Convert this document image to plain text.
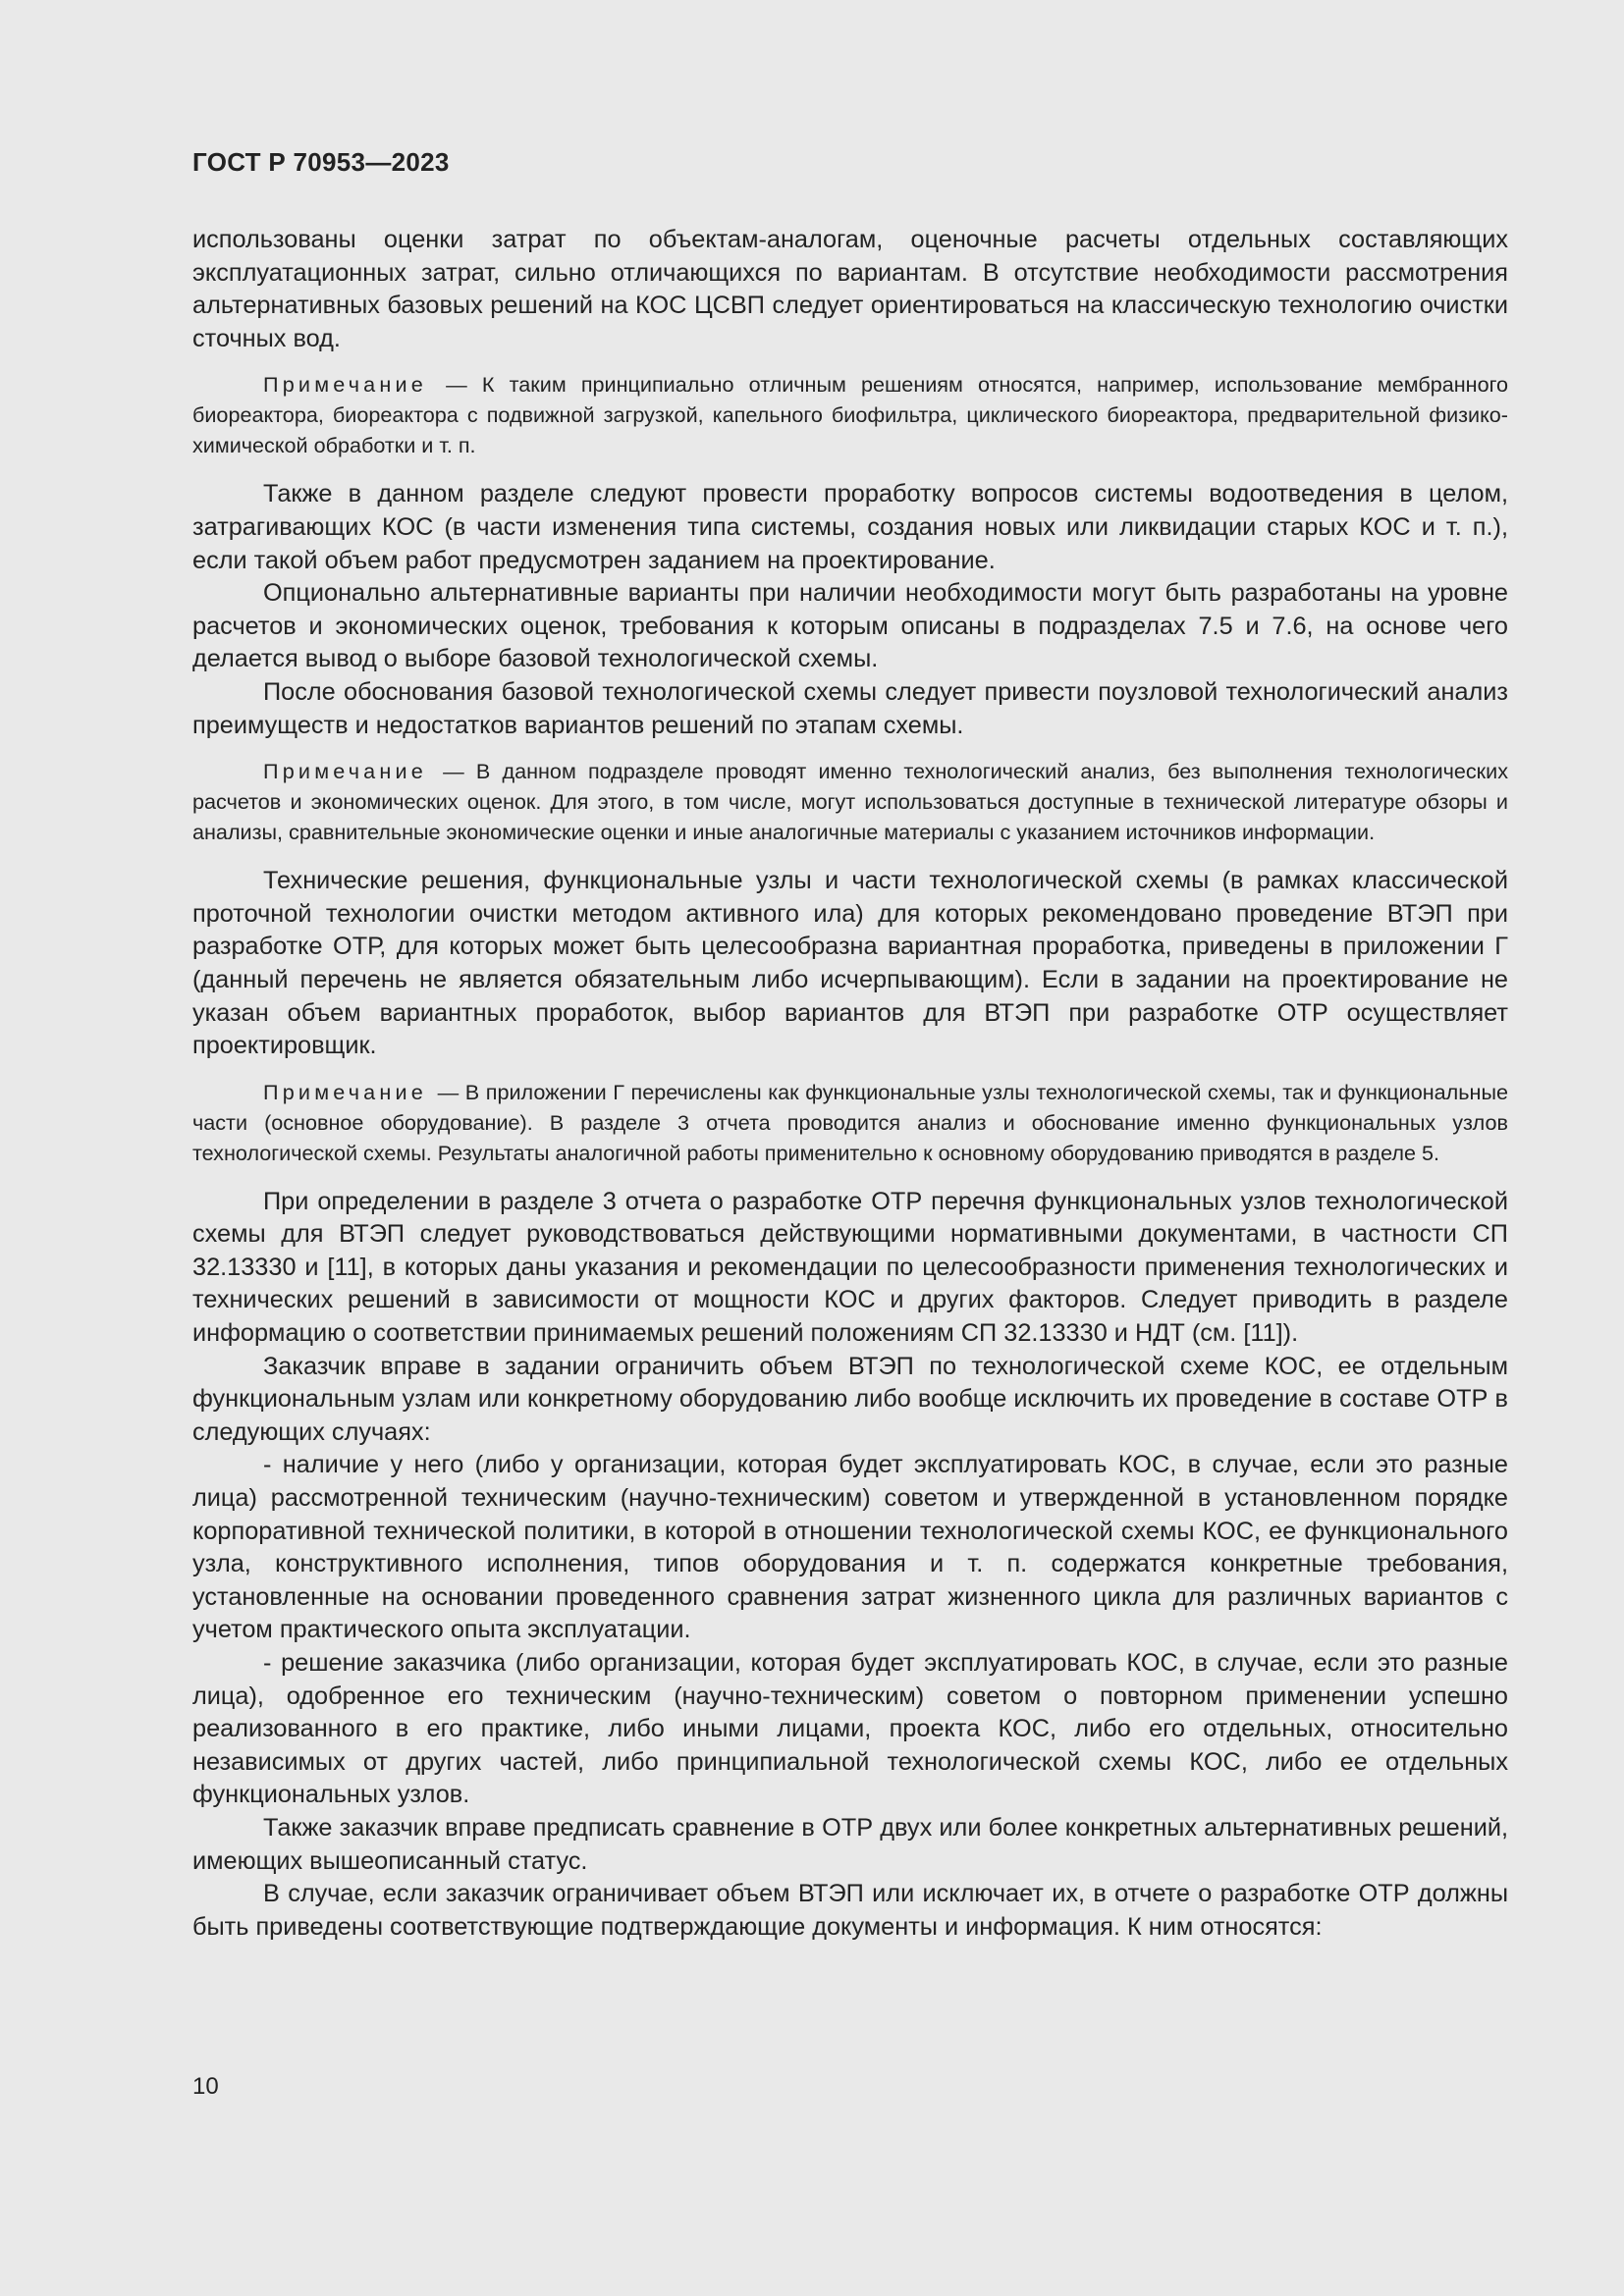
ГОСТ Р 70953—2023

использованы оценки затрат по объектам-аналогам, оценочные расчеты отдельных составляющих эксплуатационных затрат, сильно отличающихся по вариантам. В отсутствие необходимости рассмотрения альтернативных базовых решений на КОС ЦСВП следует ориентироваться на классическую технологию очистки сточных вод.

Примечание — К таким принципиально отличным решениям относятся, например, использование мембранного биореактора, биореактора с подвижной загрузкой, капельного биофильтра, циклического биореактора, предварительной физико-химической обработки и т. п.

Также в данном разделе следуют провести проработку вопросов системы водоотведения в целом, затрагивающих КОС (в части изменения типа системы, создания новых или ликвидации старых КОС и т. п.), если такой объем работ предусмотрен заданием на проектирование.

Опционально альтернативные варианты при наличии необходимости могут быть разработаны на уровне расчетов и экономических оценок, требования к которым описаны в подразделах 7.5 и 7.6, на основе чего делается вывод о выборе базовой технологической схемы.

После обоснования базовой технологической схемы следует привести поузловой технологический анализ преимуществ и недостатков вариантов решений по этапам схемы.

Примечание — В данном подразделе проводят именно технологический анализ, без выполнения технологических расчетов и экономических оценок. Для этого, в том числе, могут использоваться доступные в технической литературе обзоры и анализы, сравнительные экономические оценки и иные аналогичные материалы с указанием источников информации.

Технические решения, функциональные узлы и части технологической схемы (в рамках классической проточной технологии очистки методом активного ила) для которых рекомендовано проведение ВТЭП при разработке ОТР, для которых может быть целесообразна вариантная проработка, приведены в приложении Г (данный перечень не является обязательным либо исчерпывающим). Если в задании на проектирование не указан объем вариантных проработок, выбор вариантов для ВТЭП при разработке ОТР осуществляет проектировщик.

Примечание — В приложении Г перечислены как функциональные узлы технологической схемы, так и функциональные части (основное оборудование). В разделе 3 отчета проводится анализ и обоснование именно функциональных узлов технологической схемы. Результаты аналогичной работы применительно к основному оборудованию приводятся в разделе 5.

При определении в разделе 3 отчета о разработке ОТР перечня функциональных узлов технологической схемы для ВТЭП следует руководствоваться действующими нормативными документами, в частности СП 32.13330 и [11], в которых даны указания и рекомендации по целесообразности применения технологических и технических решений в зависимости от мощности КОС и других факторов. Следует приводить в разделе информацию о соответствии принимаемых решений положениям СП 32.13330 и НДТ (см. [11]).

Заказчик вправе в задании ограничить объем ВТЭП по технологической схеме КОС, ее отдельным функциональным узлам или конкретному оборудованию либо вообще исключить их проведение в составе ОТР в следующих случаях:

- наличие у него (либо у организации, которая будет эксплуатировать КОС, в случае, если это разные лица) рассмотренной техническим (научно-техническим) советом и утвержденной в установленном порядке корпоративной технической политики, в которой в отношении технологической схемы КОС, ее функционального узла, конструктивного исполнения, типов оборудования и т. п. содержатся конкретные требования, установленные на основании проведенного сравнения затрат жизненного цикла для различных вариантов с учетом практического опыта эксплуатации.

- решение заказчика (либо организации, которая будет эксплуатировать КОС, в случае, если это разные лица), одобренное его техническим (научно-техническим) советом о повторном применении успешно реализованного в его практике, либо иными лицами, проекта КОС, либо его отдельных, относительно независимых от других частей, либо принципиальной технологической схемы КОС, либо ее отдельных функциональных узлов.

Также заказчик вправе предписать сравнение в ОТР двух или более конкретных альтернативных решений, имеющих вышеописанный статус.

В случае, если заказчик ограничивает объем ВТЭП или исключает их, в отчете о разработке ОТР должны быть приведены соответствующие подтверждающие документы и информация. К ним относятся:

10
